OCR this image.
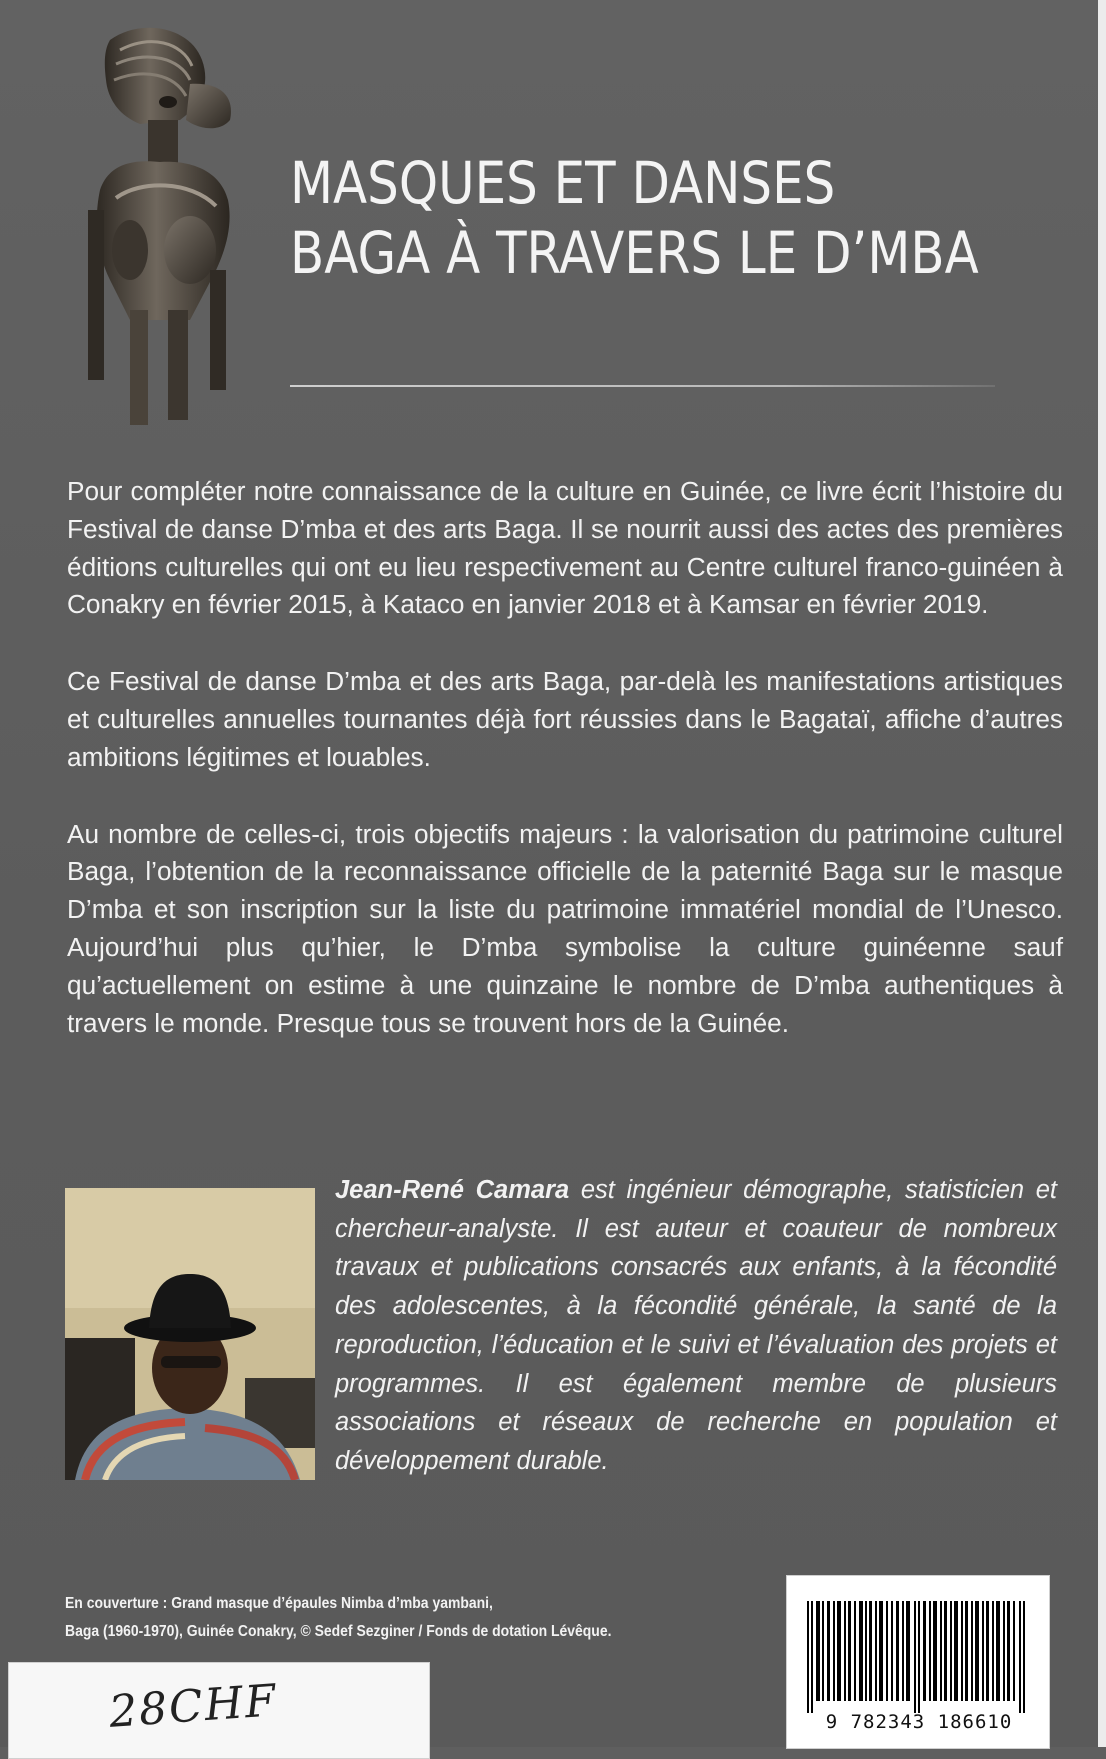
MASQUES ET DANSES
BAGA À TRAVERS LE D’MBA

Pour compléter notre connaissance de la culture en Guinée, ce livre écrit l’histoire du Festival de danse D’mba et des arts Baga. Il se nourrit aussi des actes des premières éditions culturelles qui ont eu lieu respectivement au Centre culturel franco-guinéen à Conakry en février 2015, à Kataco en janvier 2018 et à Kamsar en février 2019.

Ce Festival de danse D’mba et des arts Baga, par-delà les manifestations artistiques et culturelles annuelles tournantes déjà fort réussies dans le Bagataï, affiche d’autres ambitions légitimes et louables.

Au nombre de celles-ci, trois objectifs majeurs : la valorisation du patrimoine culturel Baga, l’obtention de la reconnaissance officielle de la paternité Baga sur le masque D’mba et son inscription sur la liste du patrimoine immatériel mondial de l’Unesco. Aujourd’hui plus qu’hier, le D’mba symbolise la culture guinéenne sauf qu’actuellement on estime à une quinzaine le nombre de D’mba authentiques à travers le monde. Presque tous se trouvent hors de la Guinée.

Jean-René Camara est ingénieur démographe, statisticien et chercheur-analyste. Il est auteur et coauteur de nombreux travaux et publications consacrés aux enfants, à la fécondité des adolescentes, à la fécondité générale, la santé de la reproduction, l’éducation et le suivi et l’évaluation des projets et programmes. Il est également membre de plusieurs associations et réseaux de recherche en population et développement durable.
En couverture : Grand masque d’épaules Nimba d’mba yambani,
Baga (1960-1970), Guinée Conakry, © Sedef Sezginer / Fonds de dotation Lévêque.
28CHF	9 782343 186610
